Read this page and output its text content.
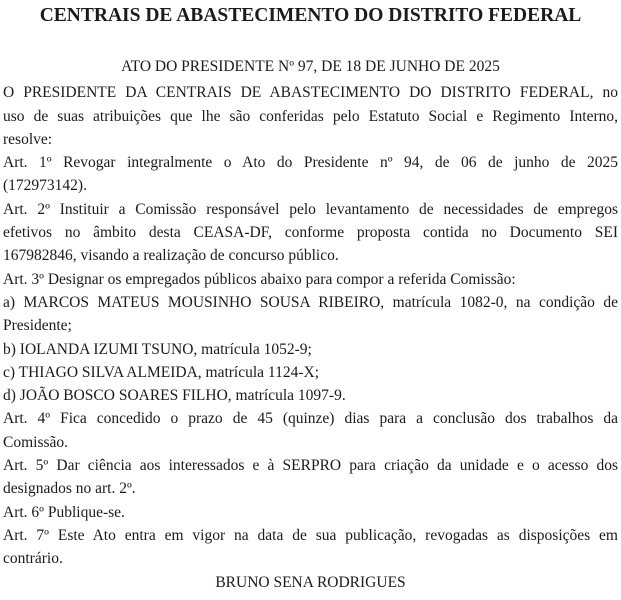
CENTRAIS DE ABASTECIMENTO DO DISTRITO FEDERAL
ATO DO PRESIDENTE Nº 97, DE 18 DE JUNHO DE 2025
O PRESIDENTE DA CENTRAIS DE ABASTECIMENTO DO DISTRITO FEDERAL, no
uso de suas atribuições que lhe são conferidas pelo Estatuto Social e Regimento Interno,
resolve:
Art. 1º Revogar integralmente o Ato do Presidente nº 94, de 06 de junho de 2025
(172973142).
Art. 2º Instituir a Comissão responsável pelo levantamento de necessidades de empregos
efetivos no âmbito desta CEASA-DF, conforme proposta contida no Documento SEI
167982846, visando a realização de concurso público.
Art. 3º Designar os empregados públicos abaixo para compor a referida Comissão:
a) MARCOS MATEUS MOUSINHO SOUSA RIBEIRO, matrícula 1082-0, na condição de
Presidente;
b) IOLANDA IZUMI TSUNO, matrícula 1052-9;
c) THIAGO SILVA ALMEIDA, matrícula 1124-X;
d) JOÃO BOSCO SOARES FILHO, matrícula 1097-9.
Art. 4º Fica concedido o prazo de 45 (quinze) dias para a conclusão dos trabalhos da
Comissão.
Art. 5º Dar ciência aos interessados e à SERPRO para criação da unidade e o acesso dos
designados no art. 2º.
Art. 6º Publique-se.
Art. 7º Este Ato entra em vigor na data de sua publicação, revogadas as disposições em
contrário.
BRUNO SENA RODRIGUES
